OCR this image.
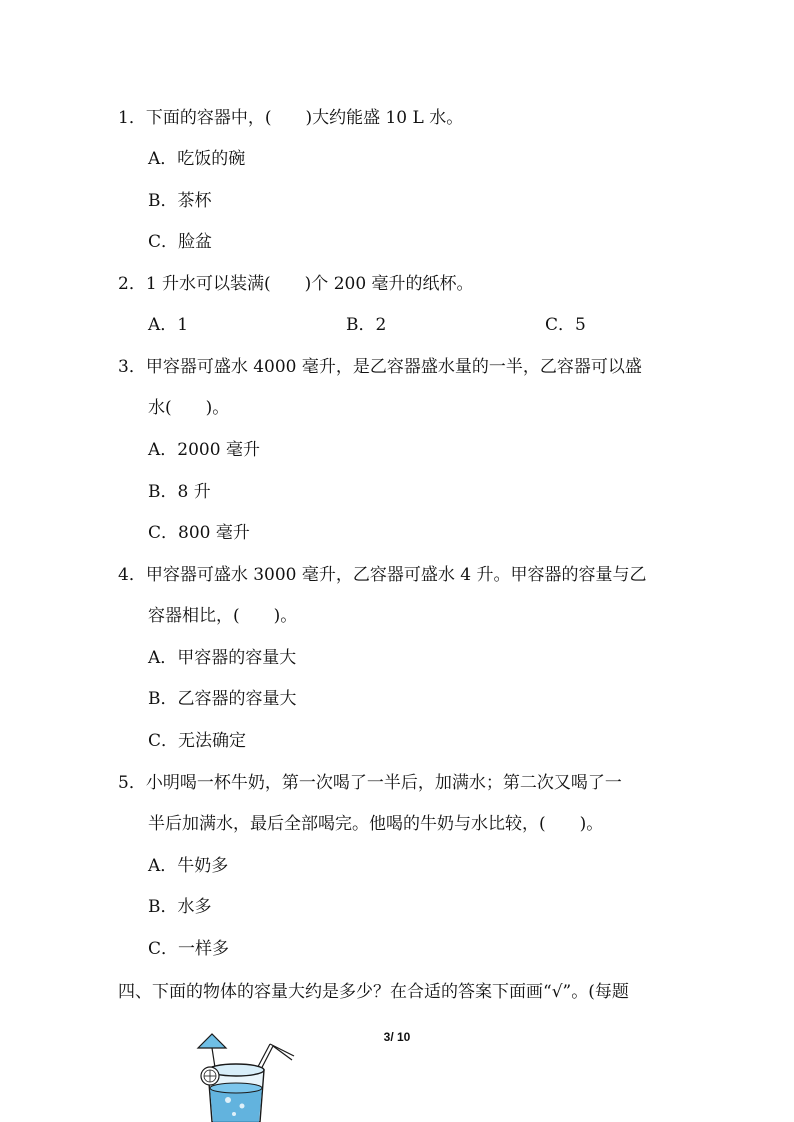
1．下面的容器中，(　　)大约能盛 10 L 水。
A．吃饭的碗
B．茶杯
C．脸盆
2．1 升水可以装满(　　)个 200 毫升的纸杯。
A．1	B．2	C．5
3．甲容器可盛水 4000 毫升，是乙容器盛水量的一半，乙容器可以盛
水(　　)。
A．2000 毫升
B．8 升
C．800 毫升
4．甲容器可盛水 3000 毫升，乙容器可盛水 4 升。甲容器的容量与乙
容器相比，(　　)。
A．甲容器的容量大
B．乙容器的容量大
C．无法确定
5．小明喝一杯牛奶，第一次喝了一半后，加满水；第二次又喝了一
半后加满水，最后全部喝完。他喝的牛奶与水比较，(　　)。
A．牛奶多
B．水多
C．一样多
四、下面的物体的容量大约是多少？在合适的答案下面画“√”。(每题
3/ 10
